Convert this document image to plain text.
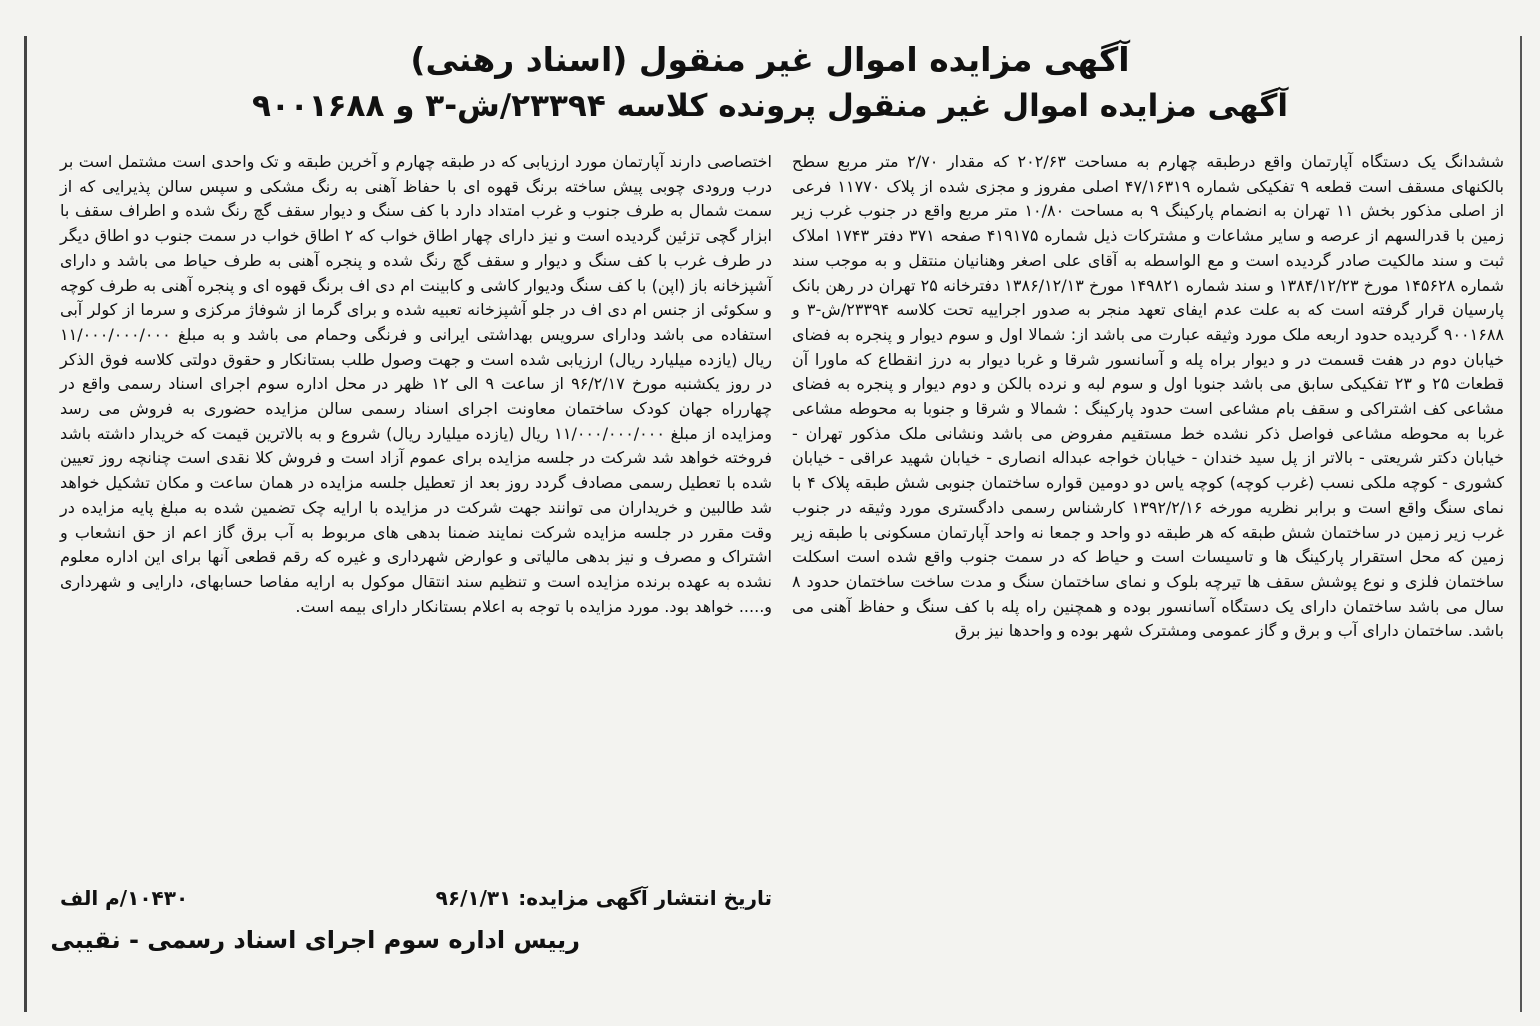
آگهی مزایده اموال غیر منقول (اسناد رهنی)
آگهی مزایده اموال غیر منقول پرونده کلاسه ۲۳۳۹۴/ش-۳ و ۹۰۰۱۶۸۸

ششدانگ یک دستگاه آپارتمان واقع درطبقه چهارم به مساحت ۲۰۲/۶۳ که مقدار ۲/۷۰ متر مربع سطح بالکنهای مسقف است قطعه ۹ تفکیکی شماره ۴۷/۱۶۳۱۹ اصلی مفروز و مجزی شده از پلاک ۱۱۷۷۰ فرعی از اصلی مذکور بخش ۱۱ تهران به انضمام پارکینگ ۹ به مساحت ۱۰/۸۰ متر مربع واقع در جنوب غرب زیر زمین با قدرالسهم از عرصه و سایر مشاعات و مشترکات ذیل شماره ۴۱۹۱۷۵ صفحه ۳۷۱ دفتر ۱۷۴۳ املاک ثبت و سند مالکیت صادر گردیده است و مع الواسطه به آقای علی اصغر وهنانیان منتقل و به موجب سند شماره ۱۴۵۶۲۸ مورخ ۱۳۸۴/۱۲/۲۳ و سند شماره ۱۴۹۸۲۱ مورخ ۱۳۸۶/۱۲/۱۳ دفترخانه ۲۵ تهران در رهن بانک پارسیان قرار گرفته است که به علت عدم ایفای تعهد منجر به صدور اجراییه تحت کلاسه ۲۳۳۹۴/ش-۳ و ۹۰۰۱۶۸۸ گردیده حدود اربعه ملک مورد وثیقه عبارت می باشد از: شمالا اول و سوم دیوار و پنجره به فضای خیابان دوم در هفت قسمت در و دیوار براه پله و آسانسور شرقا و غربا دیوار به درز انقطاع که ماورا آن قطعات ۲۵ و ۲۳ تفکیکی سابق می باشد جنوبا اول و سوم لبه و نرده بالکن و دوم دیوار و پنجره به فضای مشاعی کف اشتراکی و سقف بام مشاعی است حدود پارکینگ : شمالا و شرقا و جنوبا به محوطه مشاعی غربا به محوطه مشاعی فواصل ذکر نشده خط مستقیم مفروض می باشد ونشانی ملک مذکور تهران - خیابان دکتر شریعتی - بالاتر از پل سید خندان - خیابان خواجه عبداله انصاری - خیابان شهید عراقی - خیابان کشوری - کوچه ملکی نسب (غرب کوچه) کوچه یاس دو دومین قواره ساختمان جنوبی شش طبقه پلاک ۴ با نمای سنگ واقع است و برابر نظریه مورخه ۱۳۹۲/۲/۱۶ کارشناس رسمی دادگستری مورد وثیقه در جنوب غرب زیر زمین در ساختمان شش طبقه که هر طبقه دو واحد و جمعا نه واحد آپارتمان مسکونی با طبقه زیر زمین که محل استقرار پارکینگ ها و تاسیسات است و حیاط که در سمت جنوب واقع شده است اسکلت ساختمان فلزی و نوع پوشش سقف ها تیرچه بلوک و نمای ساختمان سنگ و مدت ساخت ساختمان حدود ۸ سال می باشد ساختمان دارای یک دستگاه آسانسور بوده و همچنین راه پله با کف سنگ و حفاظ آهنی می باشد. ساختمان دارای آب و برق و گاز عمومی ومشترک شهر بوده و واحدها نیز برق

اختصاصی دارند آپارتمان مورد ارزیابی که در طبقه چهارم و آخرین طبقه و تک واحدی است مشتمل است بر درب ورودی چوبی پیش ساخته برنگ قهوه ای با حفاظ آهنی به رنگ مشکی و سپس سالن پذیرایی که از سمت شمال به طرف جنوب و غرب امتداد دارد با کف سنگ و دیوار سقف گچ رنگ شده و اطراف سقف با ابزار گچی تزئین گردیده است و نیز دارای چهار اطاق خواب که ۲ اطاق خواب در سمت جنوب دو اطاق دیگر در طرف غرب با کف سنگ و دیوار و سقف گچ رنگ شده و پنجره آهنی به طرف حیاط می باشد و دارای آشپزخانه باز (اپن) با کف سنگ ودیوار کاشی و کابینت ام دی اف برنگ قهوه ای و پنجره آهنی به طرف کوچه و سکوئی از جنس ام دی اف در جلو آشپزخانه تعبیه شده و برای گرما از شوفاژ مرکزی و سرما از کولر آبی استفاده می باشد ودارای سرویس بهداشتی ایرانی و فرنگی وحمام می باشد و به مبلغ ۱۱/۰۰۰/۰۰۰/۰۰۰ ریال (یازده میلیارد ریال) ارزیابی شده است و جهت وصول طلب بستانکار و حقوق دولتی کلاسه فوق الذکر در روز یکشنبه مورخ ۹۶/۲/۱۷ از ساعت ۹ الی ۱۲ ظهر در محل اداره سوم اجرای اسناد رسمی واقع در چهارراه جهان کودک ساختمان معاونت اجرای اسناد رسمی سالن مزایده حضوری به فروش می رسد ومزایده از مبلغ ۱۱/۰۰۰/۰۰۰/۰۰۰ ریال (یازده میلیارد ریال) شروع و به بالاترین قیمت که خریدار داشته باشد فروخته خواهد شد شرکت در جلسه مزایده برای عموم آزاد است و فروش کلا نقدی است چنانچه روز تعیین شده با تعطیل رسمی مصادف گردد روز بعد از تعطیل جلسه مزایده در همان ساعت و مکان تشکیل خواهد شد طالبین و خریداران می توانند جهت شرکت در مزایده با ارایه چک تضمین شده به مبلغ پایه مزایده در وقت مقرر در جلسه مزایده شرکت نمایند ضمنا بدهی های مربوط به آب برق گاز اعم از حق انشعاب و اشتراک و مصرف و نیز بدهی مالیاتی و عوارض شهرداری و غیره که رقم قطعی آنها برای این اداره معلوم نشده به عهده برنده مزایده است و تنظیم سند انتقال موکول به ارایه مفاصا حسابهای، دارایی و شهرداری و..... خواهد بود. مورد مزایده با توجه به اعلام بستانکار دارای بیمه است.

تاریخ انتشار آگهی مزایده: ۹۶/۱/۳۱
۱۰۴۳۰/م الف
رییس اداره سوم اجرای اسناد رسمی - نقیبی
